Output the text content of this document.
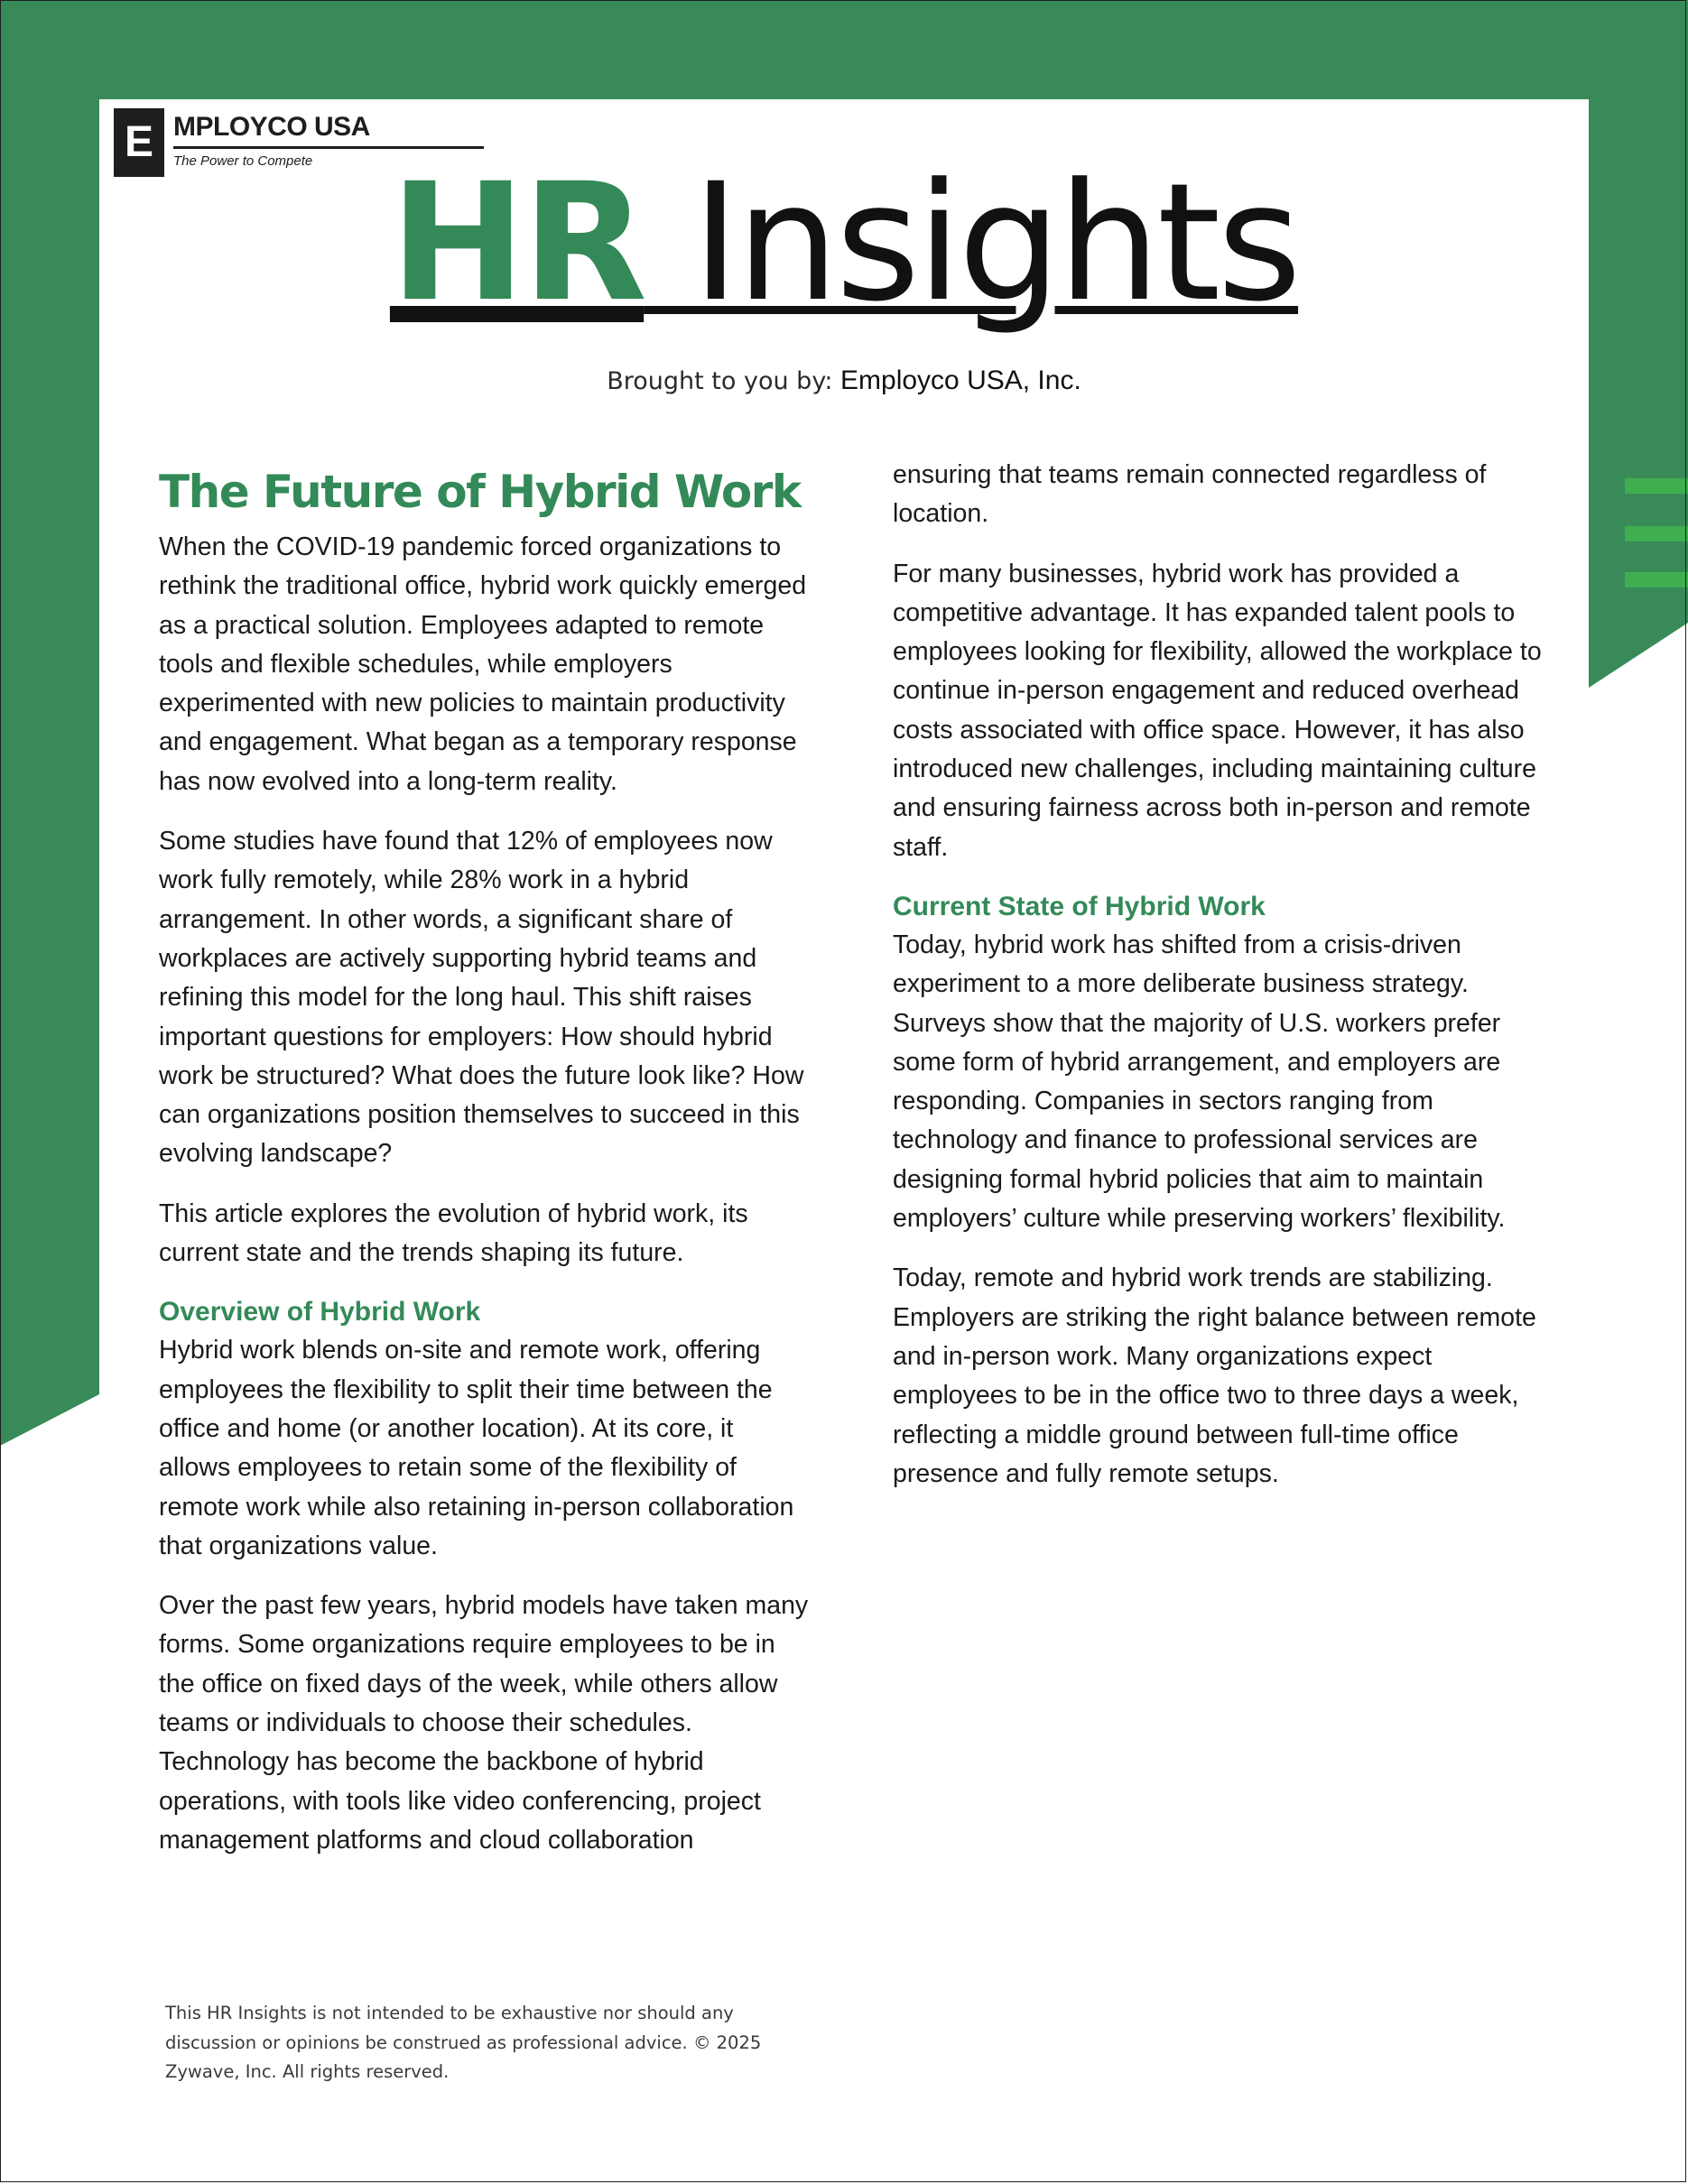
E MPLOYCO USA
The Power to Compete HR Insights
Brought to you by: Employco USA, Inc.
The Future of Hybrid Work

When the COVID-19 pandemic forced organizations to rethink the traditional office, hybrid work quickly emerged as a practical solution. Employees adapted to remote tools and flexible schedules, while employers experimented with new policies to maintain productivity and engagement. What began as a temporary response has now evolved into a long-term reality.

Some studies have found that 12% of employees now work fully remotely, while 28% work in a hybrid arrangement. In other words, a significant share of workplaces are actively supporting hybrid teams and refining this model for the long haul. This shift raises important questions for employers: How should hybrid work be structured? What does the future look like? How can organizations position themselves to succeed in this evolving landscape?

This article explores the evolution of hybrid work, its current state and the trends shaping its future.

Overview of Hybrid Work

Hybrid work blends on-site and remote work, offering employees the flexibility to split their time between the office and home (or another location). At its core, it allows employees to retain some of the flexibility of remote work while also retaining in-person collaboration that organizations value.

Over the past few years, hybrid models have taken many forms. Some organizations require employees to be in the office on fixed days of the week, while others allow teams or individuals to choose their schedules. Technology has become the backbone of hybrid operations, with tools like video conferencing, project management platforms and cloud collaboration

ensuring that teams remain connected regardless of location.

For many businesses, hybrid work has provided a competitive advantage. It has expanded talent pools to employees looking for flexibility, allowed the workplace to continue in-person engagement and reduced overhead costs associated with office space. However, it has also introduced new challenges, including maintaining culture and ensuring fairness across both in-person and remote staff.

Current State of Hybrid Work

Today, hybrid work has shifted from a crisis-driven experiment to a more deliberate business strategy. Surveys show that the majority of U.S. workers prefer some form of hybrid arrangement, and employers are responding. Companies in sectors ranging from technology and finance to professional services are designing formal hybrid policies that aim to maintain employers’ culture while preserving workers’ flexibility.

Today, remote and hybrid work trends are stabilizing. Employers are striking the right balance between remote and in-person work. Many organizations expect employees to be in the office two to three days a week, reflecting a middle ground between full-time office presence and fully remote setups.

This HR Insights is not intended to be exhaustive nor should any discussion or opinions be construed as professional advice. © 2025 Zywave, Inc. All rights reserved.
